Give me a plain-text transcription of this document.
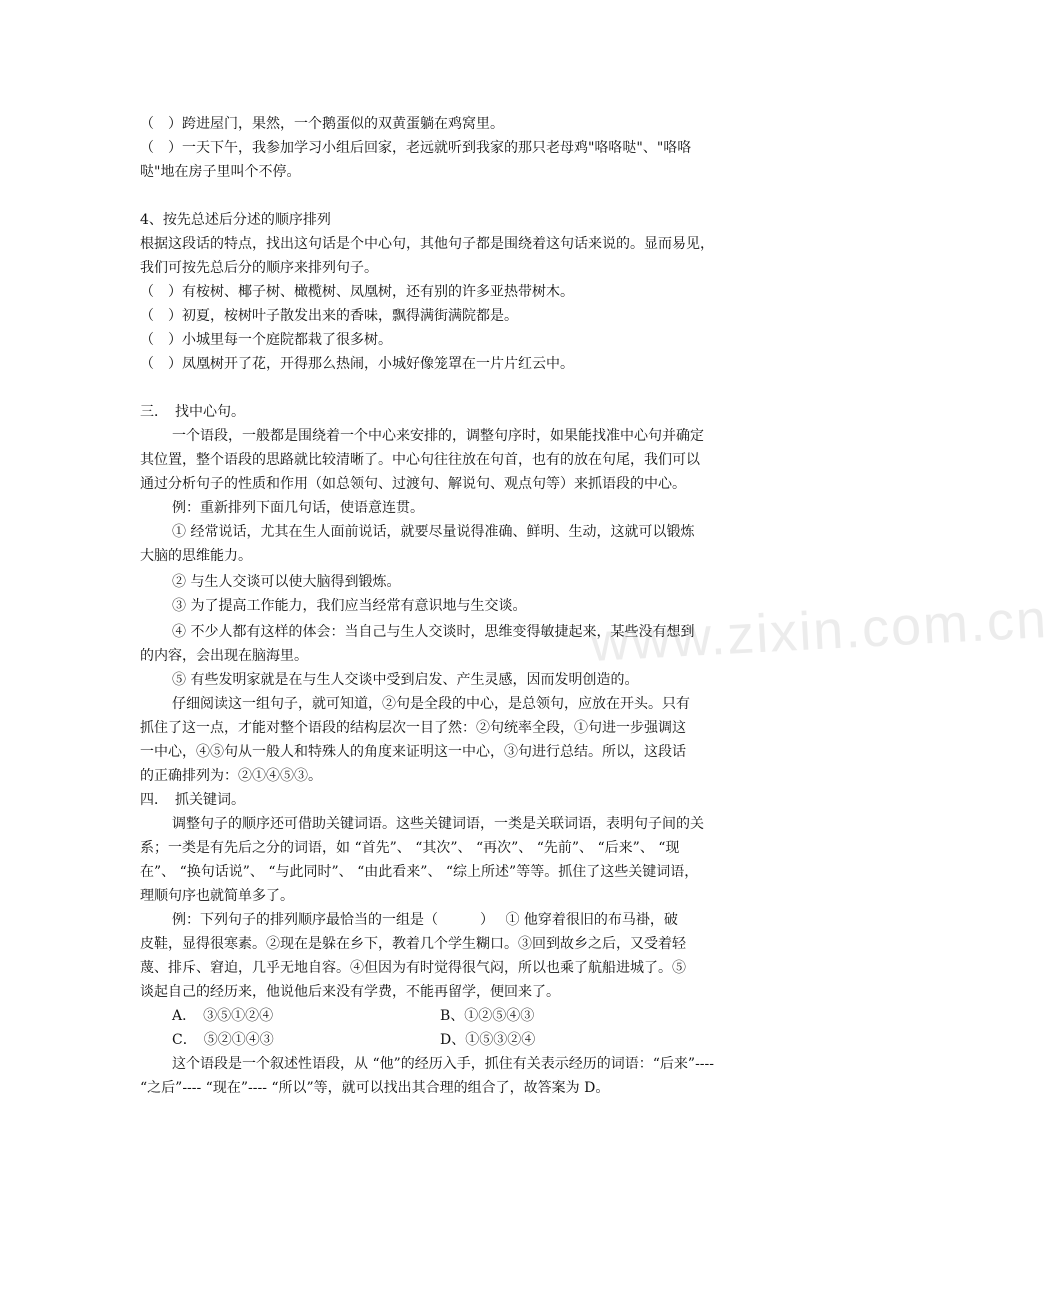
www.zixin.com.cn
（　）跨进屋门，果然，一个鹅蛋似的双黄蛋躺在鸡窝里。
（　）一天下午，我参加学习小组后回家，老远就听到我家的那只老母鸡"咯咯哒"、"咯咯
哒"地在房子里叫个不停。
4、按先总述后分述的顺序排列
根据这段话的特点，找出这句话是个中心句，其他句子都是围绕着这句话来说的。显而易见，
我们可按先总后分的顺序来排列句子。
（　）有桉树、椰子树、橄榄树、凤凰树，还有别的许多亚热带树木。
（　）初夏，桉树叶子散发出来的香味，飘得满街满院都是。
（　）小城里每一个庭院都栽了很多树。
（　）凤凰树开了花，开得那么热闹，小城好像笼罩在一片片红云中。
三．　找中心句。
一个语段，一般都是围绕着一个中心来安排的，调整句序时，如果能找准中心句并确定
其位置，整个语段的思路就比较清晰了。中心句往往放在句首，也有的放在句尾，我们可以
通过分析句子的性质和作用（如总领句、过渡句、解说句、观点句等）来抓语段的中心。
例：重新排列下面几句话，使语意连贯。
① 经常说话，尤其在生人面前说话，就要尽量说得准确、鲜明、生动，这就可以锻炼
大脑的思维能力。
② 与生人交谈可以使大脑得到锻炼。
③ 为了提高工作能力，我们应当经常有意识地与生交谈。
④ 不少人都有这样的体会：当自己与生人交谈时，思维变得敏捷起来，某些没有想到
的内容，会出现在脑海里。
⑤ 有些发明家就是在与生人交谈中受到启发、产生灵感，因而发明创造的。
仔细阅读这一组句子，就可知道，②句是全段的中心，是总领句，应放在开头。只有
抓住了这一点，才能对整个语段的结构层次一目了然：②句统率全段，①句进一步强调这
一中心，④⑤句从一般人和特殊人的角度来证明这一中心，③句进行总结。所以，这段话
的正确排列为：②①④⑤③。
四．　抓关键词。
调整句子的顺序还可借助关键词语。这些关键词语，一类是关联词语，表明句子间的关
系；一类是有先后之分的词语，如 “首先”、 “其次”、 “再次”、 “先前”、 “后来”、 “现
在”、 “换句话说”、 “与此同时”、 “由此看来”、 “综上所述”等等。抓住了这些关键词语，
理顺句序也就简单多了。
例：下列句子的排列顺序最恰当的一组是（　　　）　 ① 他穿着很旧的布马褂，破
皮鞋，显得很寒素。②现在是躲在乡下，教着几个学生糊口。③回到故乡之后，又受着轻
蔑、排斥、窘迫，几乎无地自容。④但因为有时觉得很气闷，所以也乘了航船进城了。⑤
谈起自己的经历来，他说他后来没有学费，不能再留学，便回来了。
A．　③⑤①②④	B、①②⑤④③
C．　⑤②①④③	D、①⑤③②④
这个语段是一个叙述性语段，从 “他”的经历入手，抓住有关表示经历的词语：“后来”----
“之后”---- “现在”---- “所以”等，就可以找出其合理的组合了，故答案为 D。
